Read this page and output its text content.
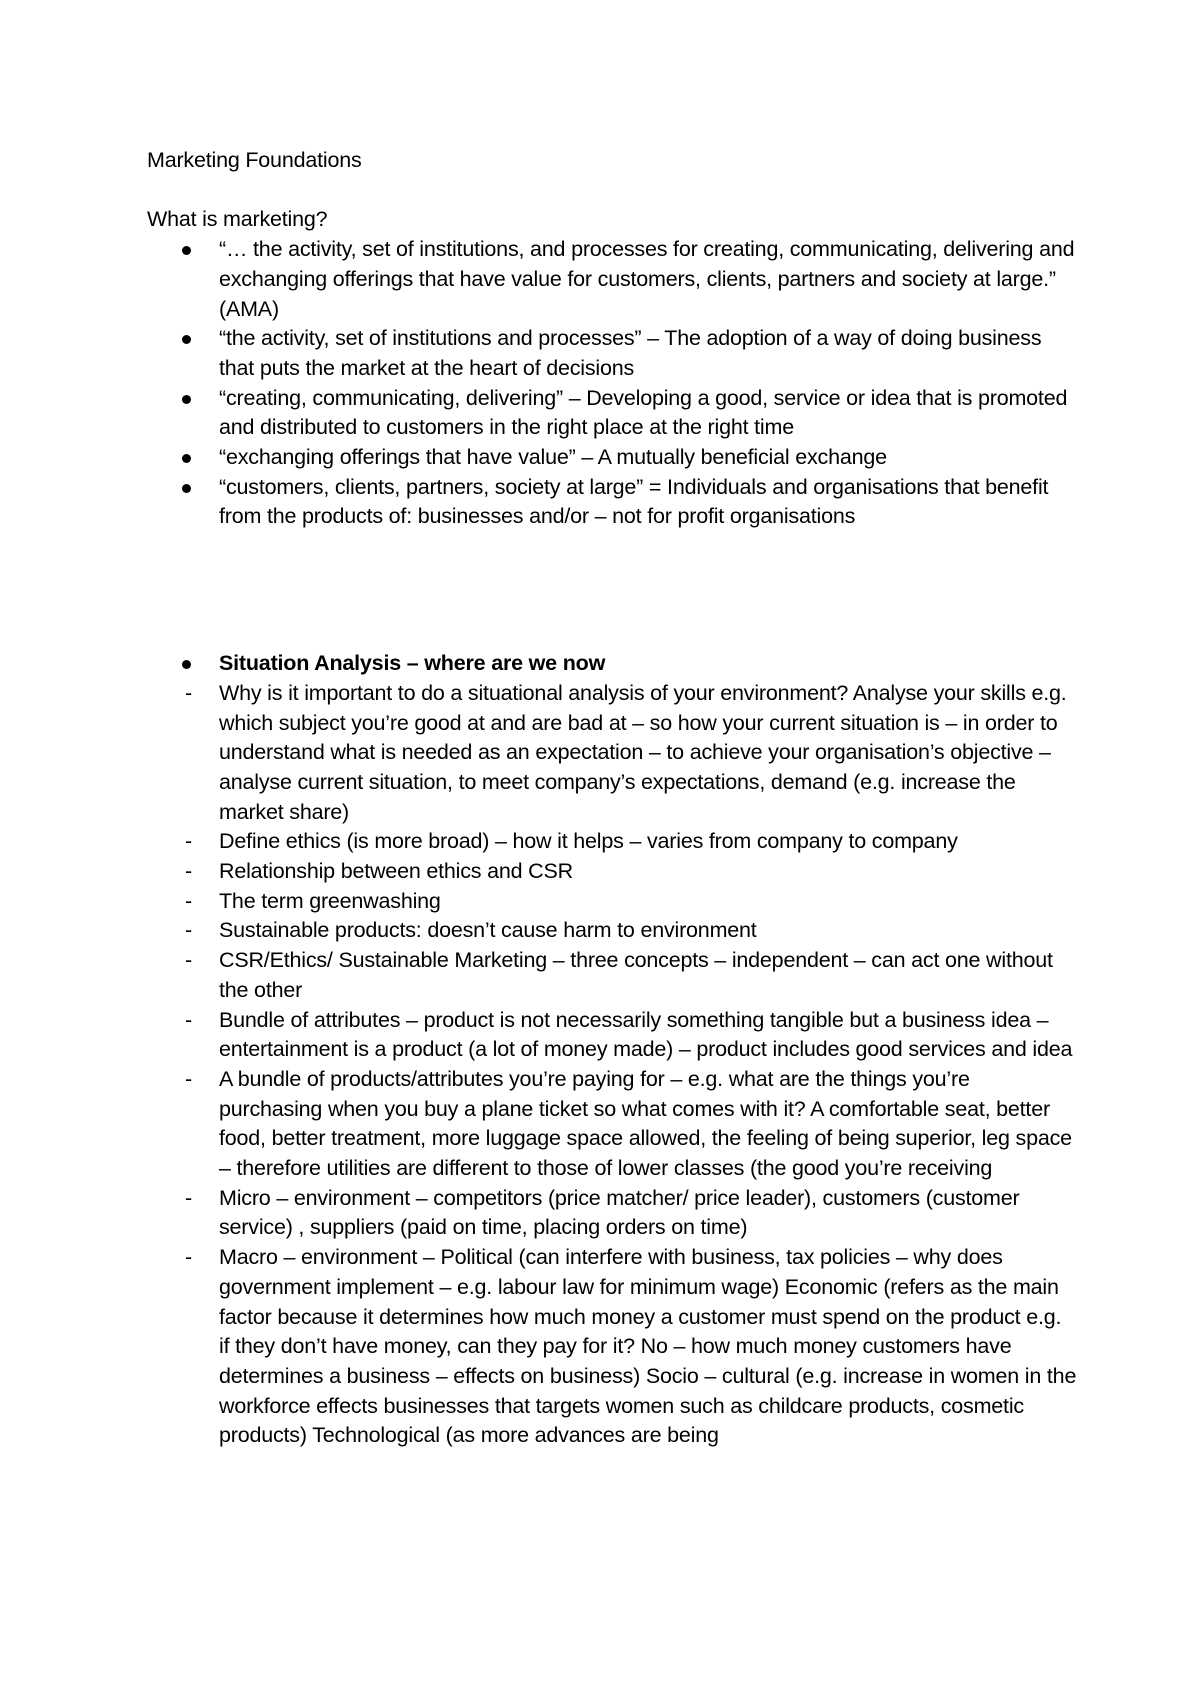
Marketing Foundations

What is marketing?

“… the activity, set of institutions, and processes for creating, communicating, delivering and exchanging offerings that have value for customers, clients, partners and society at large.” (AMA)
“the activity, set of institutions and processes” – The adoption of a way of doing business that puts the market at the heart of decisions
“creating, communicating, delivering” – Developing a good, service or idea that is promoted and distributed to customers in the right place at the right time
“exchanging offerings that have value” – A mutually beneficial exchange
“customers, clients, partners, society at large” = Individuals and organisations that benefit from the products of: businesses and/or – not for profit organisations
Situation Analysis – where are we now
-	Why is it important to do a situational analysis of your environment? Analyse your skills e.g. which subject you’re good at and are bad at – so how your current situation is – in order to understand what is needed as an expectation – to achieve your organisation’s objective – analyse current situation, to meet company’s expectations, demand (e.g. increase the market share)
-	Define ethics (is more broad) – how it helps – varies from company to company
-	Relationship between ethics and CSR
-	The term greenwashing
-	Sustainable products: doesn’t cause harm to environment
-	CSR/Ethics/ Sustainable Marketing – three concepts – independent – can act one without the other
-	Bundle of attributes – product is not necessarily something tangible but a business idea – entertainment is a product (a lot of money made) – product includes good services and idea
-	A bundle of products/attributes you’re paying for – e.g. what are the things you’re purchasing when you buy a plane ticket so what comes with it? A comfortable seat, better food, better treatment, more luggage space allowed, the feeling of being superior, leg space – therefore utilities are different to those of lower classes (the good you’re receiving
-	Micro – environment – competitors (price matcher/ price leader), customers (customer service) , suppliers (paid on time, placing orders on time)
-	Macro – environment – Political (can interfere with business, tax policies – why does government implement – e.g. labour law for minimum wage) Economic (refers as the main factor because it determines how much money a customer must spend on the product e.g. if they don’t have money, can they pay for it? No – how much money customers have determines a business – effects on business) Socio – cultural (e.g. increase in women in the workforce effects businesses that targets women such as childcare products, cosmetic products) Technological (as more advances are being
